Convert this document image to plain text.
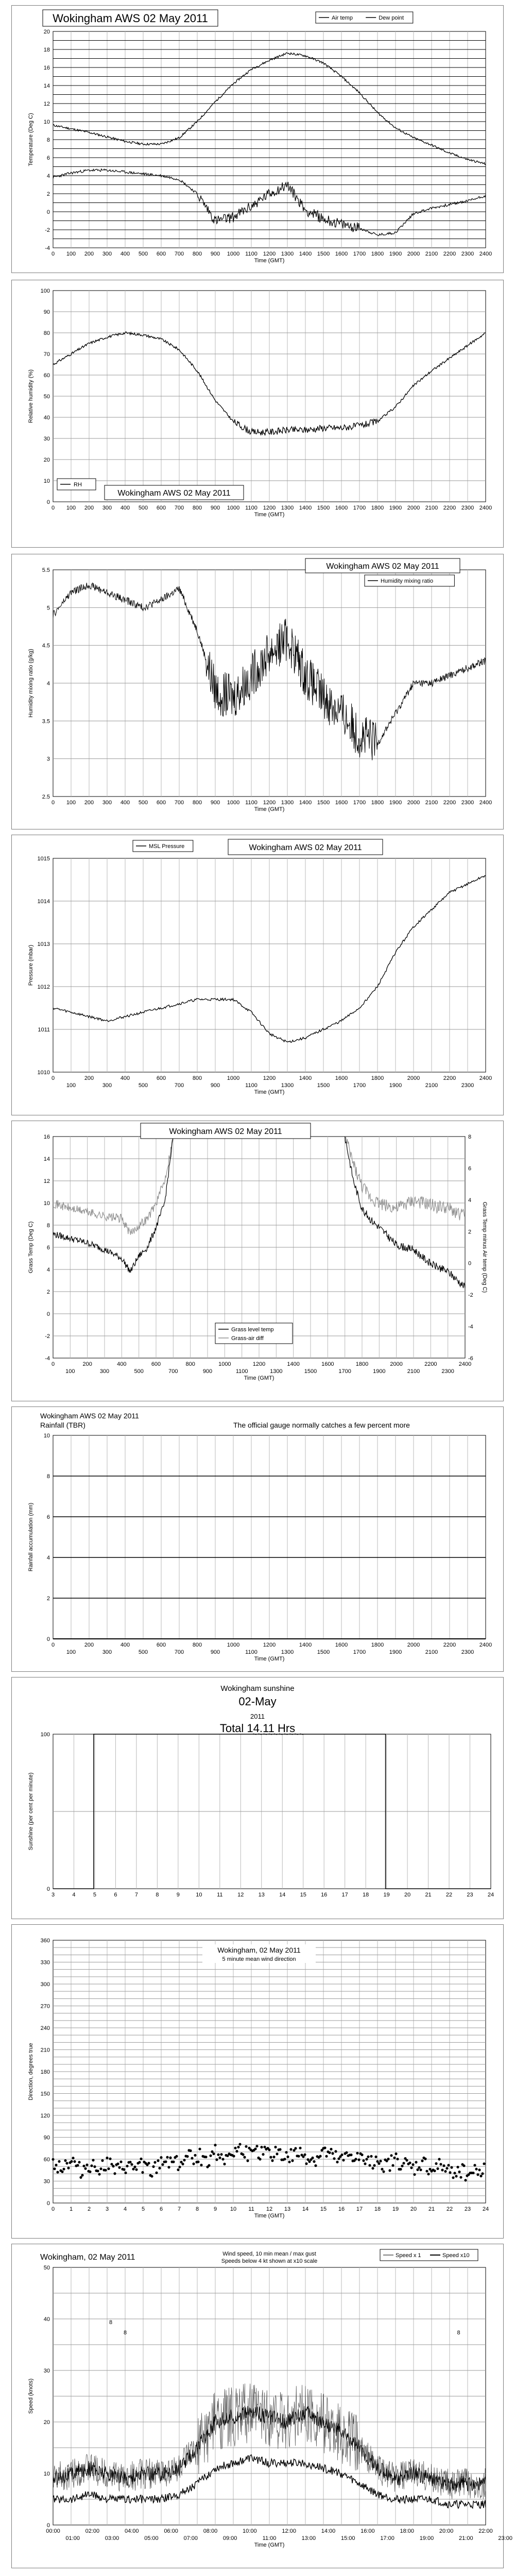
-4
-2
0
2
4
6
8
10
12
14
16
18
20
0 100 200 300 400 500 600 700 800 900 1000 1100 1200 1300 1400 1500 1600 1700 1800 1900 2000 2100 2200 2300 2400
Time (GMT)
Temperature (Deg C)
Wokingham AWS 02 May 2011	Air temp	Dew point
0
10
20
30
40
50
60
70
80
90
100
0 100 200 300 400 500 600 700 800 900 1000 1100 1200 1300 1400 1500 1600 1700 1800 1900 2000 2100 2200 2300 2400
Time (GMT)
Relative humidity (%)
RH
Wokingham AWS 02 May 2011
2.5
3
3.5
4
4.5
5
5.5
0 100 200 300 400 500 600 700 800 900 1000 1100 1200 1300 1400 1500 1600 1700 1800 1900 2000 2100 2200 2300 2400
Time (GMT)
Humidity mixing ratio (g/kg)
Wokingham AWS 02 May 2011
Humidity mixing ratio
1010
1011
1012
1013
1014
1015
0	200	400	600	800	1000	1200	1400	1600	1800	2000	2200	2400
100	300	500	700	900	1100	1300	1500	1700	1900	2100	2300
Time (GMT)
Pressure (mbar)
MSL Pressure	Wokingham AWS 02 May 2011
-4
-2
0
2
4
6
8
10
12
14
16
0	200	400	600	800	1000	1200	1400	1600	1800	2000	2200	2400
100	300	500	700	900	1100	1300	1500	1700	1900	2100	2300
Time (GMT)
Grass Temp (Deg C)
-6
-4
-2
0
2
4
6
8
Grass Temp minus Air temp (Deg C)
Wokingham AWS 02 May 2011
Grass level temp
Grass-air diff
0
2
4
6
8
10
0	200	400	600	800	1000	1200	1400	1600	1800	2000	2200	2400
100	300	500	700	900	1100	1300	1500	1700	1900	2100	2300
Time (GMT)
Rainfall accumulation (mm)
Wokingham AWS 02 May 2011
Rainfall (TBR)	The official gauge normally catches a few percent more
0
100
3	4	5	6	7	8	9	10	11	12	13	14	15	16	17	18	19	20	21	22	23	24
Sunshine (per cent per minute)
Wokingham sunshine
02-May
2011
Total 14.11 Hrs
0
30
60
90
120
150
180
210
240
270
300
330
360
0	1	2	3	4	5	6	7	8	9 10 11 12 13 14 15 16 17 18 19 20 21 22 23 24
Time (GMT)
Direction, degrees true
Wokingham, 02 May 2011
5 minute mean wind direction
0
10
20
30
40
50
00:00	02:00	04:00	06:00	08:00	10:00	12:00	14:00	16:00	18:00	20:00	22:00
01:00	03:00	05:00	07:00	09:00	11:00	13:00	15:00	17:00	19:00	21:00	23:00
Time (GMT)
Speed (knots)
8
8	8
Wokingham, 02 May 2011	Wind speed, 10 min mean / max gust
Speeds below 4 kt shown at x10 scale
Speed x 1	Speed x10
